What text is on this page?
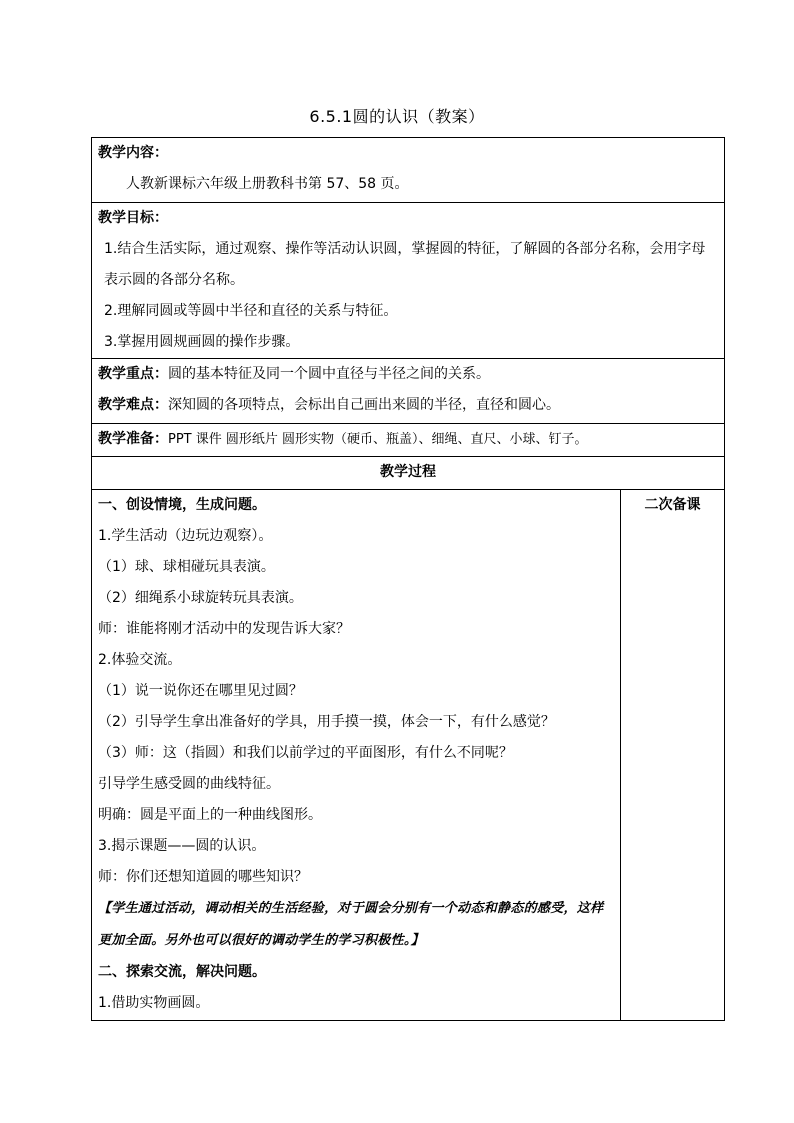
6.5.1圆的认识（教案）
教学内容：
人教新课标六年级上册教科书第 57、58 页。

教学目标：
1.结合生活实际，通过观察、操作等活动认识圆，掌握圆的特征，了解圆的各部分名称，会用字母表示圆的各部分名称。
2.理解同圆或等圆中半径和直径的关系与特征。
3.掌握用圆规画圆的操作步骤。

教学重点：圆的基本特征及同一个圆中直径与半径之间的关系。
教学难点：深知圆的各项特点，会标出自己画出来圆的半径，直径和圆心。

教学准备：PPT 课件 圆形纸片 圆形实物（硬币、瓶盖）、细绳、直尺、小球、钉子。

教学过程

一、创设情境，生成问题。
1.学生活动（边玩边观察）。
（1）球、球相碰玩具表演。
（2）细绳系小球旋转玩具表演。
师：谁能将刚才活动中的发现告诉大家？
2.体验交流。
（1）说一说你还在哪里见过圆？
（2）引导学生拿出准备好的学具，用手摸一摸，体会一下，有什么感觉？
（3）师：这（指圆）和我们以前学过的平面图形，有什么不同呢？
引导学生感受圆的曲线特征。
明确：圆是平面上的一种曲线图形。
3.揭示课题——圆的认识。
师：你们还想知道圆的哪些知识？
【学生通过活动，调动相关的生活经验，对于圆会分别有一个动态和静态的感受，这样更加全面。另外也可以很好的调动学生的学习积极性。】
二、探索交流，解决问题。
1.借助实物画圆。

二次备课
